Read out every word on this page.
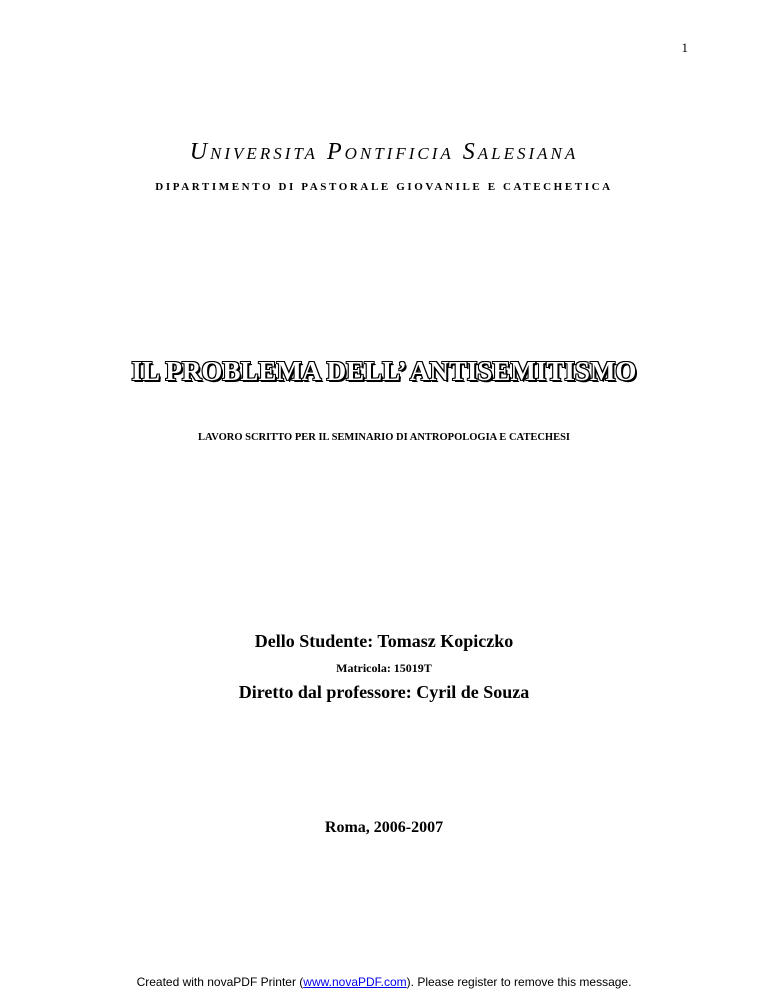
1
Universita Pontificia Salesiana
DIPARTIMENTO DI PASTORALE GIOVANILE E CATECHETICA
IL PROBLEMA DELL’ ANTISEMITISMO
LAVORO SCRITTO PER IL SEMINARIO DI ANTROPOLOGIA E CATECHESI
Dello Studente: Tomasz Kopiczko
Matricola: 15019T
Diretto dal professore: Cyril de Souza
Roma, 2006-2007
Created with novaPDF Printer (www.novaPDF.com). Please register to remove this message.
